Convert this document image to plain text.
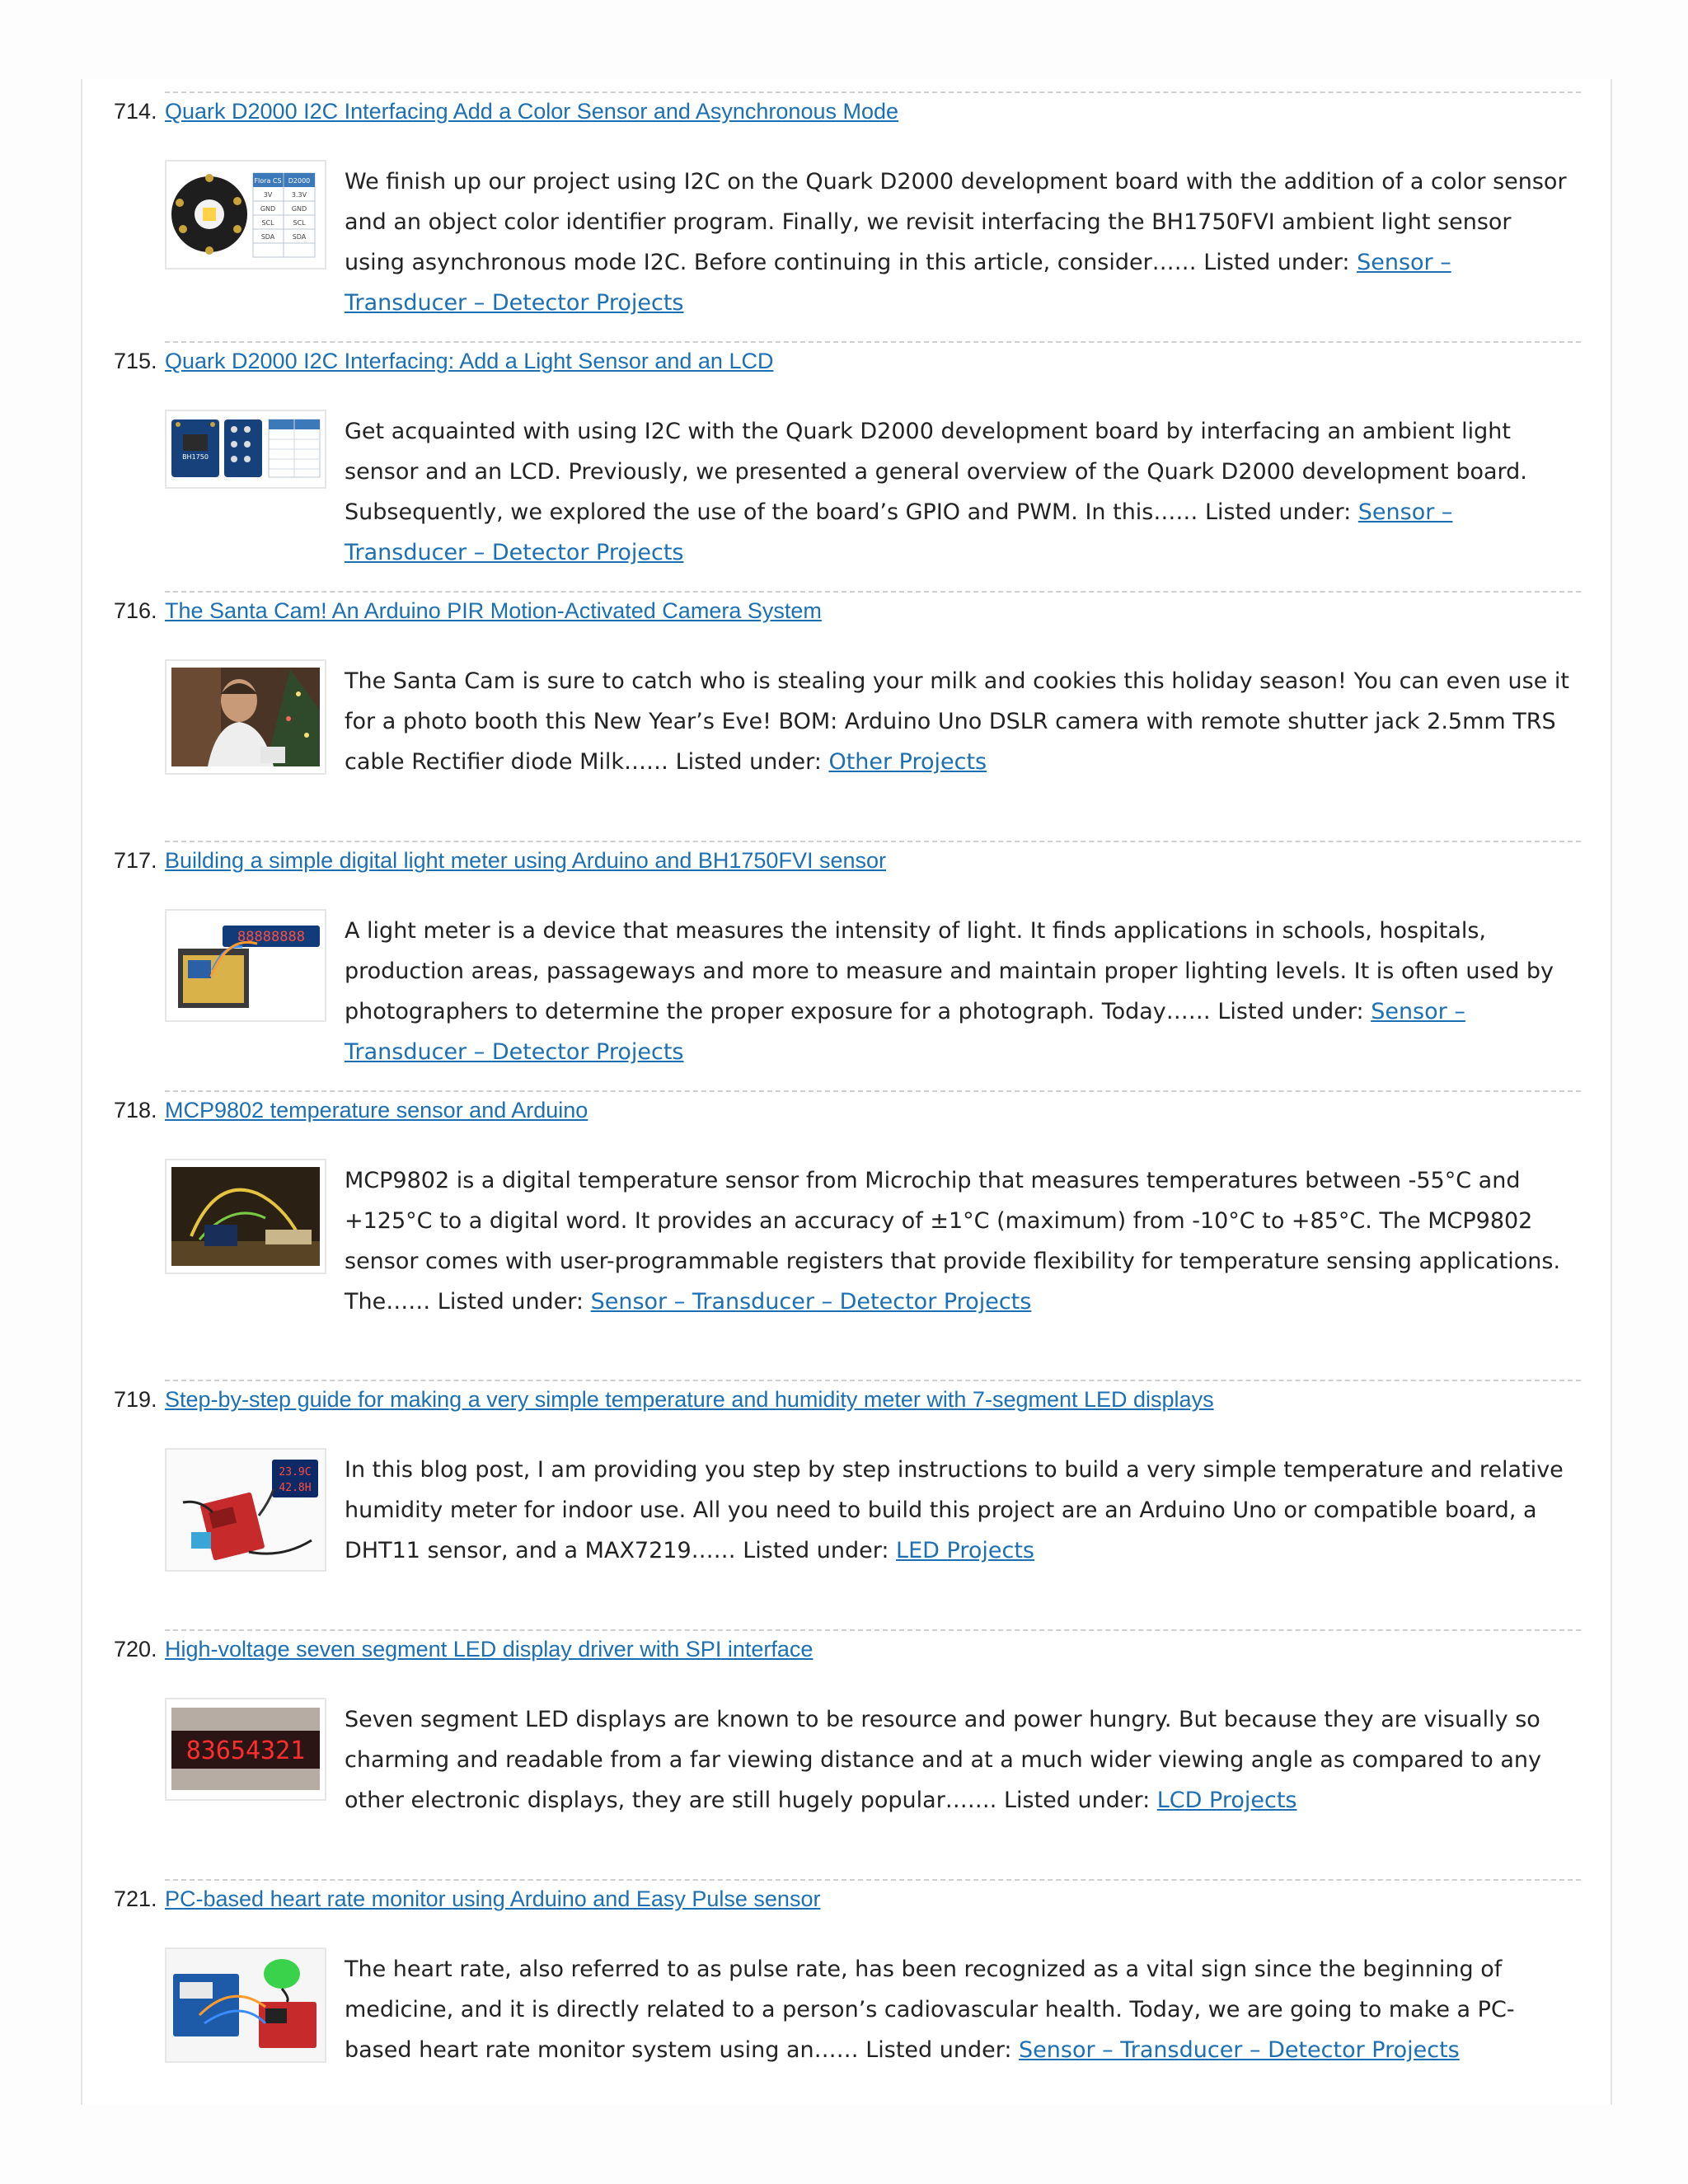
714. Quark D2000 I2C Interfacing Add a Color Sensor and Asynchronous Mode
Flora CS D2000
3V	3.3V
GND GND
SCL	SCL
SDA	SDA
We finish up our project using I2C on the Quark D2000 development board with the addition of a color sensor and an object color identifier program. Finally, we revisit interfacing the BH1750FVI ambient light sensor using asynchronous mode I2C. Before continuing in this article, consider…… Listed under: Sensor – Transducer – Detector Projects
715. Quark D2000 I2C Interfacing: Add a Light Sensor and an LCD
BH1750
Get acquainted with using I2C with the Quark D2000 development board by interfacing an ambient light sensor and an LCD. Previously, we presented a general overview of the Quark D2000 development board. Subsequently, we explored the use of the board’s GPIO and PWM. In this…… Listed under: Sensor – Transducer – Detector Projects
716. The Santa Cam! An Arduino PIR Motion-Activated Camera System
The Santa Cam is sure to catch who is stealing your milk and cookies this holiday season! You can even use it for a photo booth this New Year’s Eve! BOM: Arduino Uno DSLR camera with remote shutter jack 2.5mm TRS cable Rectifier diode Milk…… Listed under: Other Projects
717. Building a simple digital light meter using Arduino and BH1750FVI sensor
88888888 A light meter is a device that measures the intensity of light. It finds applications in schools, hospitals, production areas, passageways and more to measure and maintain proper lighting levels. It is often used by photographers to determine the proper exposure for a photograph. Today…… Listed under: Sensor – Transducer – Detector Projects
718. MCP9802 temperature sensor and Arduino
MCP9802 is a digital temperature sensor from Microchip that measures temperatures between -55°C and +125°C to a digital word. It provides an accuracy of ±1°C (maximum) from -10°C to +85°C. The MCP9802 sensor comes with user-programmable registers that provide flexibility for temperature sensing applications. The…… Listed under: Sensor – Transducer – Detector Projects
719. Step-by-step guide for making a very simple temperature and humidity meter with 7-segment LED displays
23.9C
42.8H
In this blog post, I am providing you step by step instructions to build a very simple temperature and relative humidity meter for indoor use. All you need to build this project are an Arduino Uno or compatible board, a DHT11 sensor, and a MAX7219…… Listed under: LED Projects
720. High-voltage seven segment LED display driver with SPI interface
83654321
Seven segment LED displays are known to be resource and power hungry. But because they are visually so charming and readable from a far viewing distance and at a much wider viewing angle as compared to any other electronic displays, they are still hugely popular……. Listed under: LCD Projects
721. PC-based heart rate monitor using Arduino and Easy Pulse sensor
The heart rate, also referred to as pulse rate, has been recognized as a vital sign since the beginning of medicine, and it is directly related to a person’s cadiovascular health. Today, we are going to make a PC-based heart rate monitor system using an…… Listed under: Sensor – Transducer – Detector Projects
